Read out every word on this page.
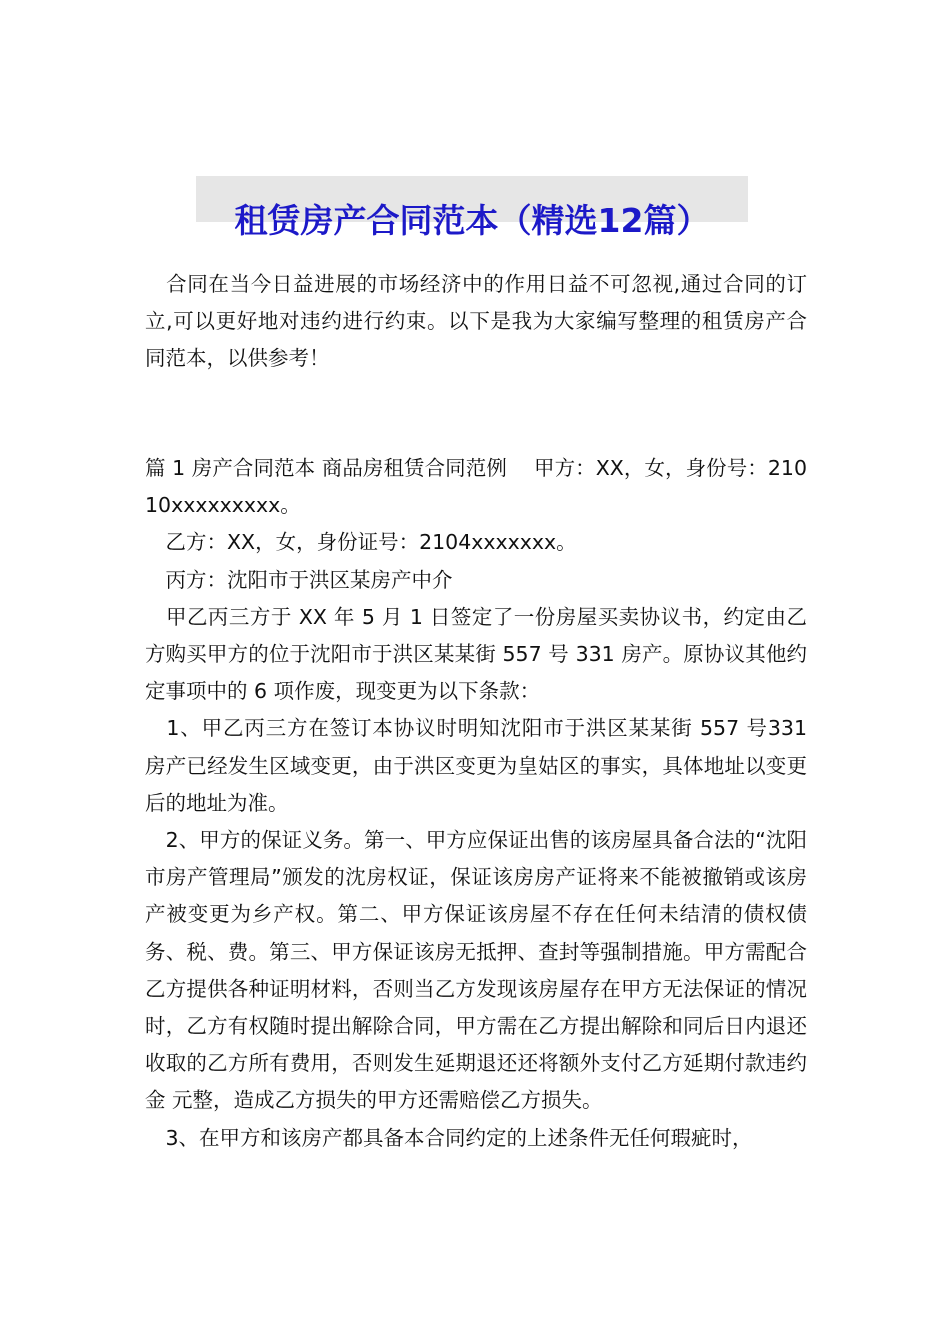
租赁房产合同范本（精选12篇）

　合同在当今日益进展的市场经济中的作用日益不可忽视,通过合同的订立,可以更好地对违约进行约束。以下是我为大家编写整理的租赁房产合同范本，以供参考！

篇 1 房产合同范本 商品房租赁合同范例　 甲方：XX，女，身份号：21010xxxxxxxxx。

　乙方：XX，女，身份证号：2104xxxxxxx。

　丙方：沈阳市于洪区某房产中介

　甲乙丙三方于 XX 年 5 月 1 日签定了一份房屋买卖协议书，约定由乙方购买甲方的位于沈阳市于洪区某某街 557 号 331 房产。原协议其他约定事项中的 6 项作废，现变更为以下条款：

　1、甲乙丙三方在签订本协议时明知沈阳市于洪区某某街 557 号331 房产已经发生区域变更，由于洪区变更为皇姑区的事实，具体地址以变更后的地址为准。

　2、甲方的保证义务。第一、甲方应保证出售的该房屋具备合法的“沈阳市房产管理局”颁发的沈房权证，保证该房房产证将来不能被撤销或该房产被变更为乡产权。第二、甲方保证该房屋不存在任何未结清的债权债务、税、费。第三、甲方保证该房无抵押、查封等强制措施。甲方需配合乙方提供各种证明材料，否则当乙方发现该房屋存在甲方无法保证的情况时，乙方有权随时提出解除合同，甲方需在乙方提出解除和同后日内退还收取的乙方所有费用，否则发生延期退还还将额外支付乙方延期付款违约金 元整，造成乙方损失的甲方还需赔偿乙方损失。

　3、在甲方和该房产都具备本合同约定的上述条件无任何瑕疵时，
